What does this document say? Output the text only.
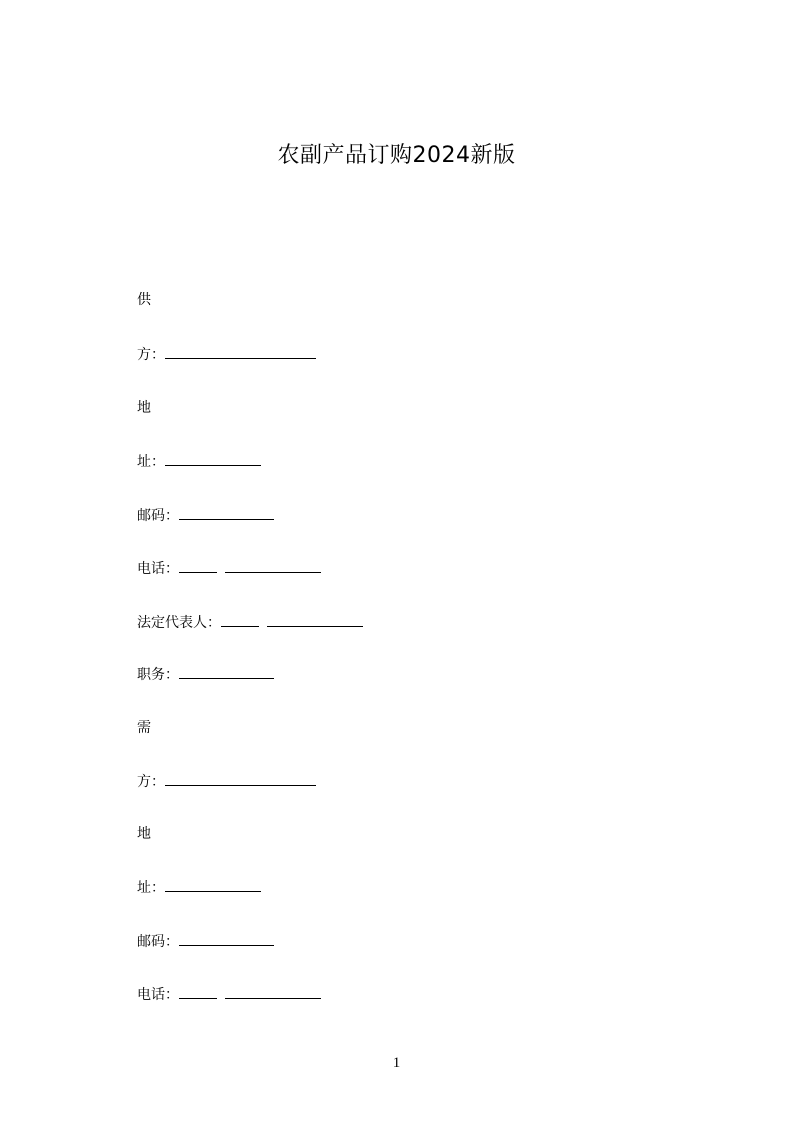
农副产品订购2024新版
供
方：
地
址：
邮码：
电话：
法定代表人：
职务：
需
方：
地
址：
邮码：
电话：
1
